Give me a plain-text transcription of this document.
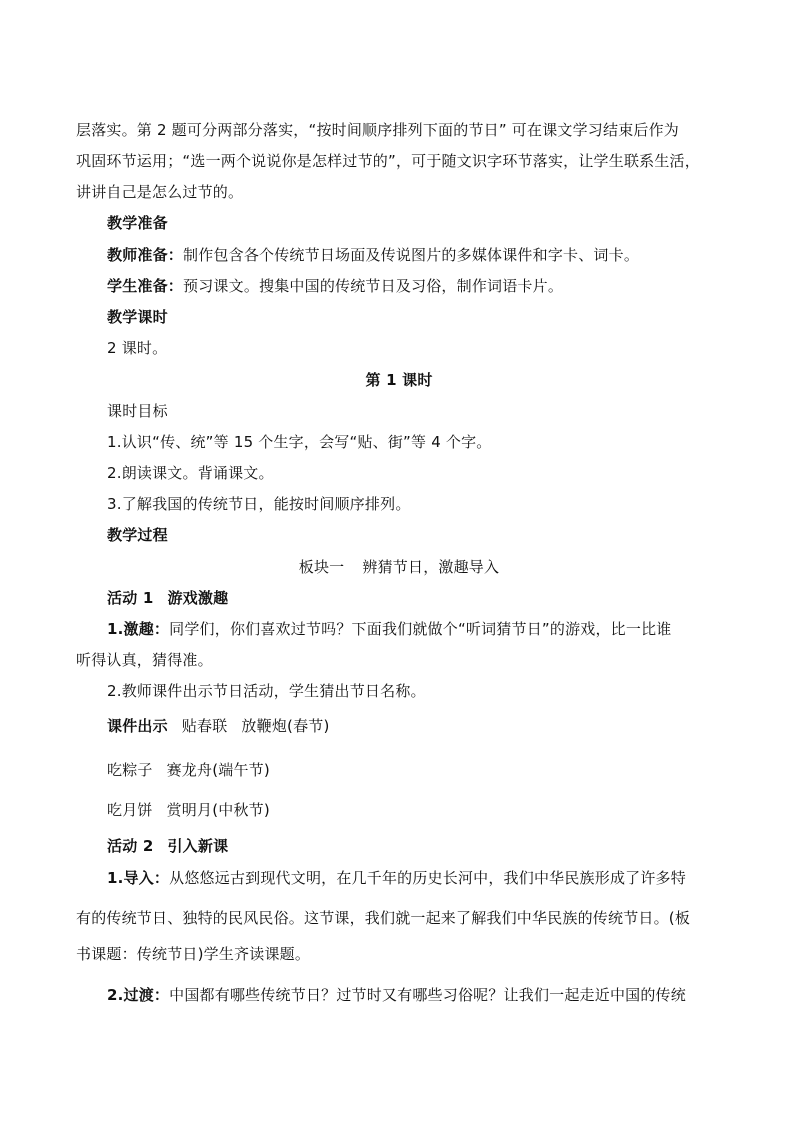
层落实。第 2 题可分两部分落实，“按时间顺序排列下面的节日” 可在课文学习结束后作为
巩固环节运用；“选一两个说说你是怎样过节的”，可于随文识字环节落实，让学生联系生活，
讲讲自己是怎么过节的。
教学准备
教师准备：制作包含各个传统节日场面及传说图片的多媒体课件和字卡、词卡。
学生准备：预习课文。搜集中国的传统节日及习俗，制作词语卡片。
教学课时
2 课时。
第 1 课时
课时目标
1.认识“传、统”等 15 个生字，会写“贴、街”等 4 个字。
2.朗读课文。背诵课文。
3.了解我国的传统节日，能按时间顺序排列。
教学过程
板块一 辨猜节日，激趣导入
活动 1 游戏激趣
1.激趣：同学们，你们喜欢过节吗？下面我们就做个“听词猜节日”的游戏，比一比谁
听得认真，猜得准。
2.教师课件出示节日活动，学生猜出节日名称。
课件出示 贴春联 放鞭炮(春节)
吃粽子 赛龙舟(端午节)
吃月饼 赏明月(中秋节)
活动 2 引入新课
1.导入：从悠悠远古到现代文明，在几千年的历史长河中，我们中华民族形成了许多特
有的传统节日、独特的民风民俗。这节课，我们就一起来了解我们中华民族的传统节日。(板
书课题：传统节日)学生齐读课题。
2.过渡：中国都有哪些传统节日？过节时又有哪些习俗呢？让我们一起走近中国的传统
